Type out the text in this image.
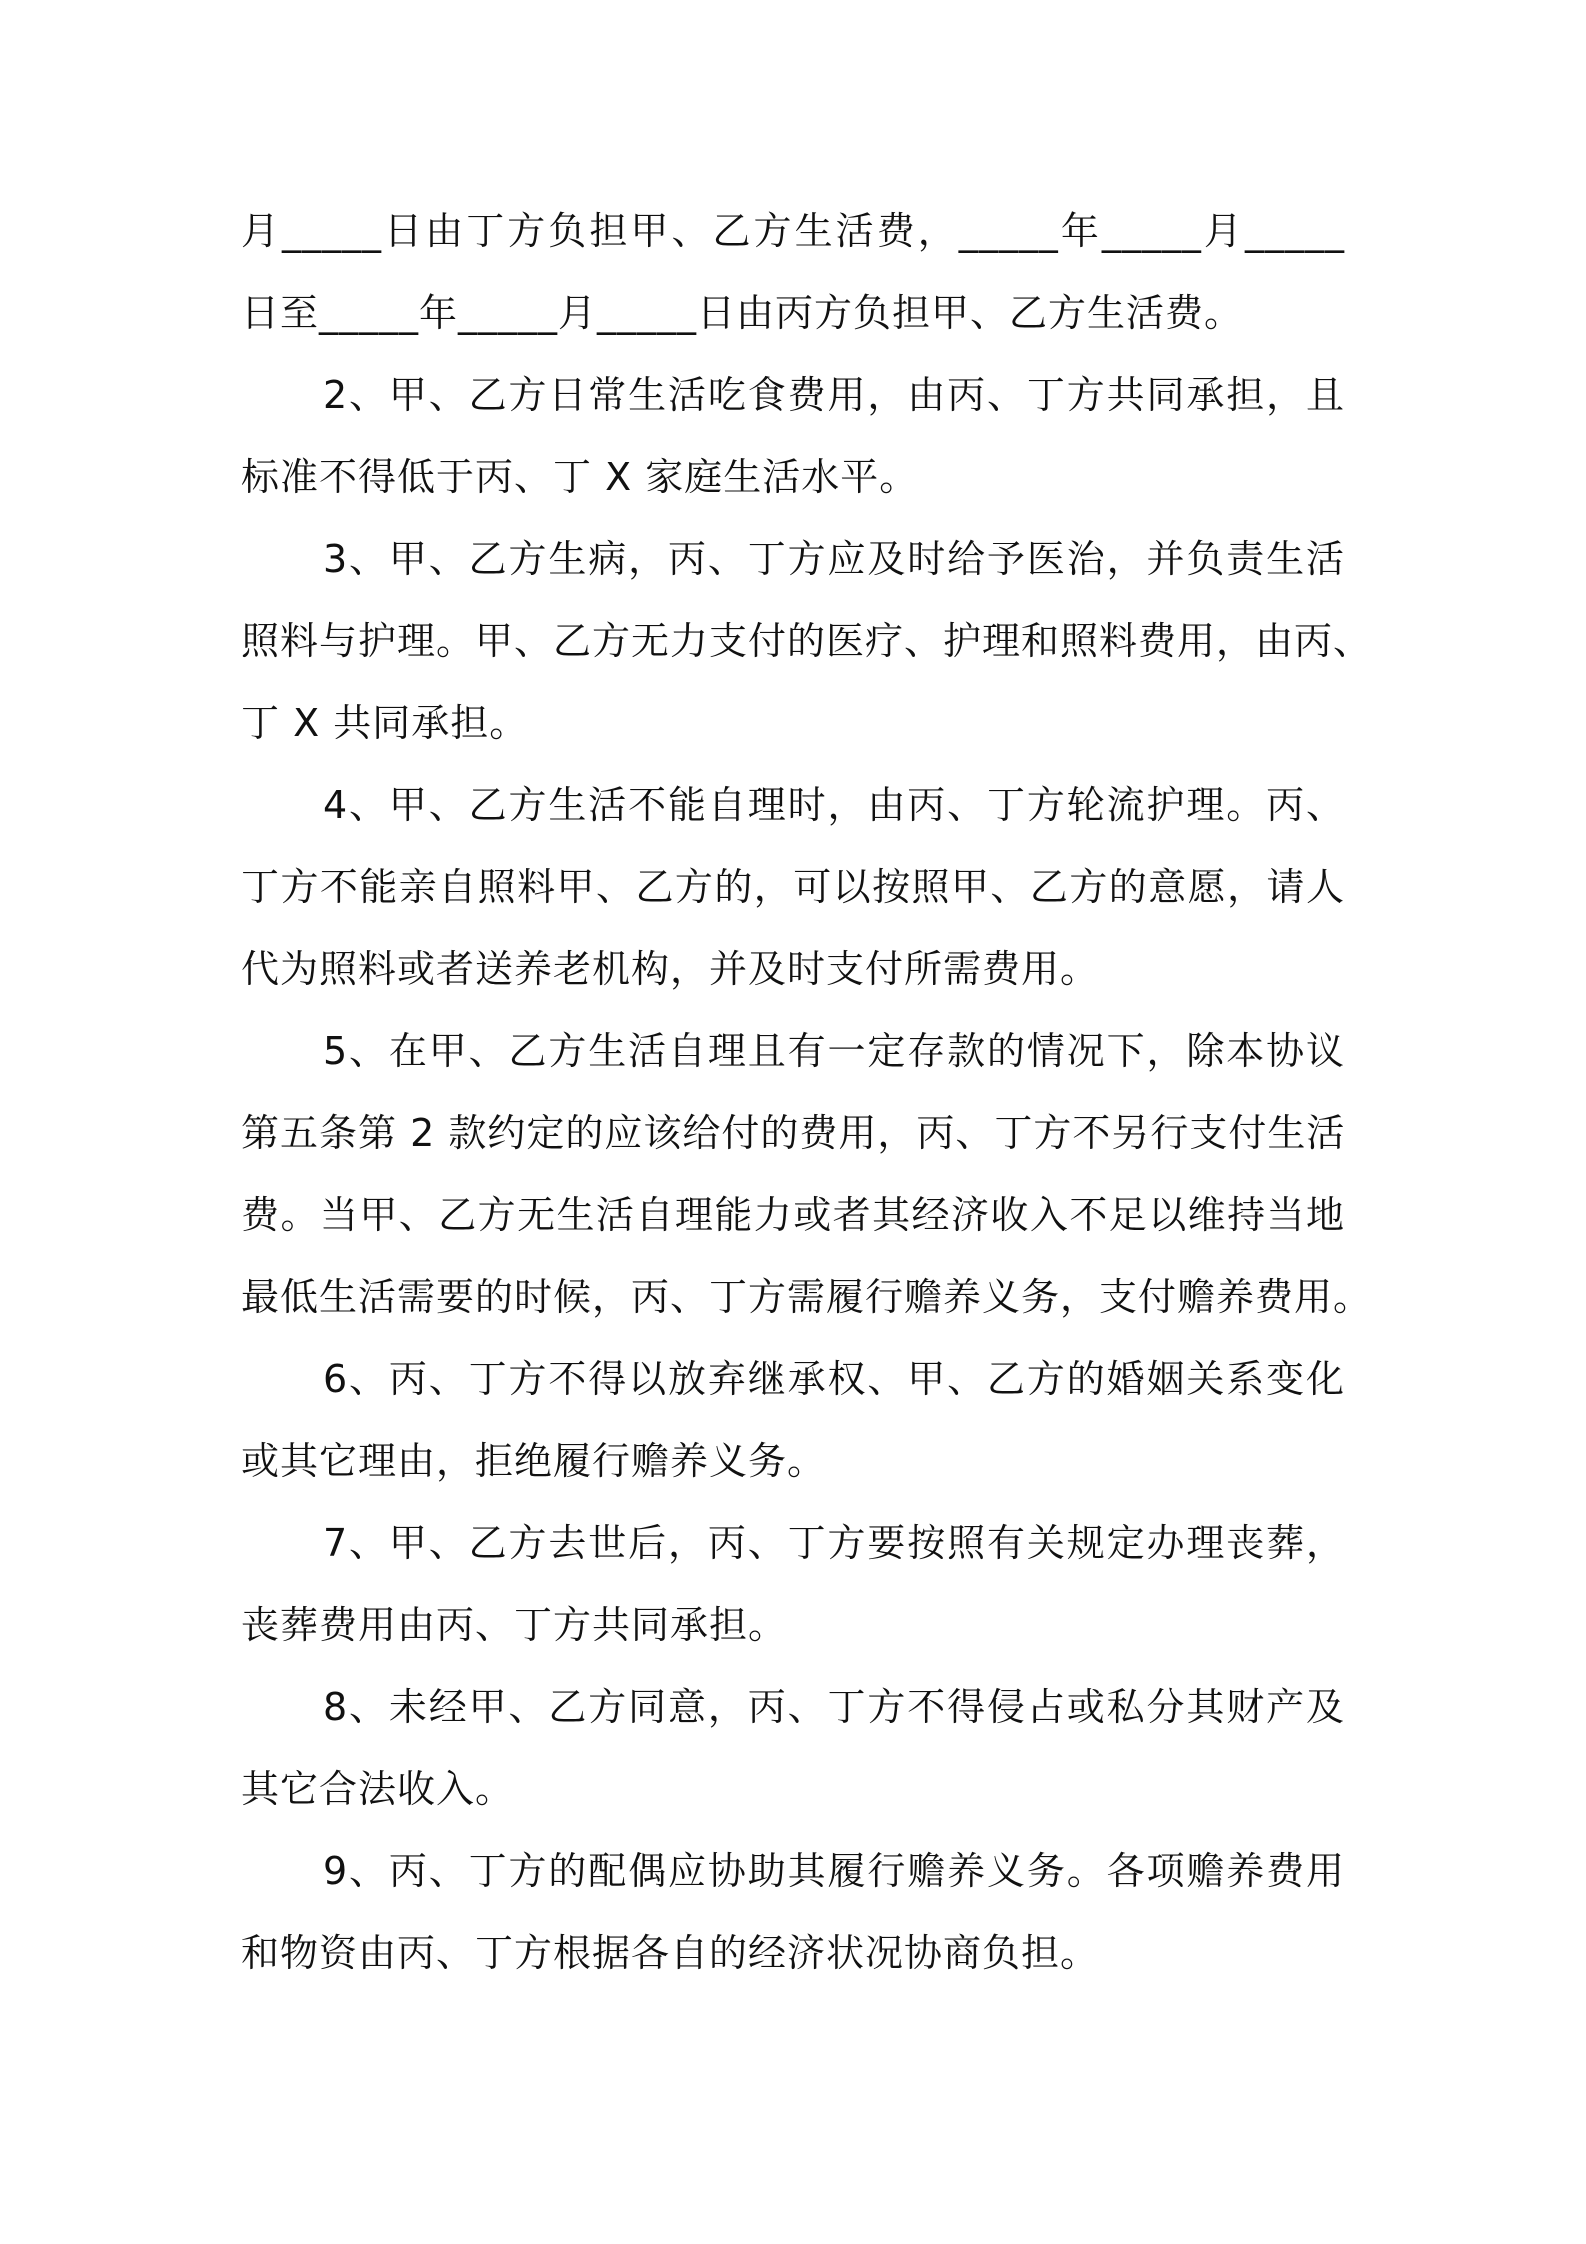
月_____日由丁方负担甲、乙方生活费，_____年_____月_____
日至_____年_____月_____日由丙方负担甲、乙方生活费。
2、甲、乙方日常生活吃食费用，由丙、丁方共同承担，且
标准不得低于丙、丁 X 家庭生活水平。
3、甲、乙方生病，丙、丁方应及时给予医治，并负责生活
照料与护理。甲、乙方无力支付的医疗、护理和照料费用，由丙、
丁 X 共同承担。
4、甲、乙方生活不能自理时，由丙、丁方轮流护理。丙、
丁方不能亲自照料甲、乙方的，可以按照甲、乙方的意愿，请人
代为照料或者送养老机构，并及时支付所需费用。
5、在甲、乙方生活自理且有一定存款的情况下，除本协议
第五条第 2 款约定的应该给付的费用，丙、丁方不另行支付生活
费。当甲、乙方无生活自理能力或者其经济收入不足以维持当地
最低生活需要的时候，丙、丁方需履行赡养义务，支付赡养费用。
6、丙、丁方不得以放弃继承权、甲、乙方的婚姻关系变化
或其它理由，拒绝履行赡养义务。
7、甲、乙方去世后，丙、丁方要按照有关规定办理丧葬，
丧葬费用由丙、丁方共同承担。
8、未经甲、乙方同意，丙、丁方不得侵占或私分其财产及
其它合法收入。
9、丙、丁方的配偶应协助其履行赡养义务。各项赡养费用
和物资由丙、丁方根据各自的经济状况协商负担。
